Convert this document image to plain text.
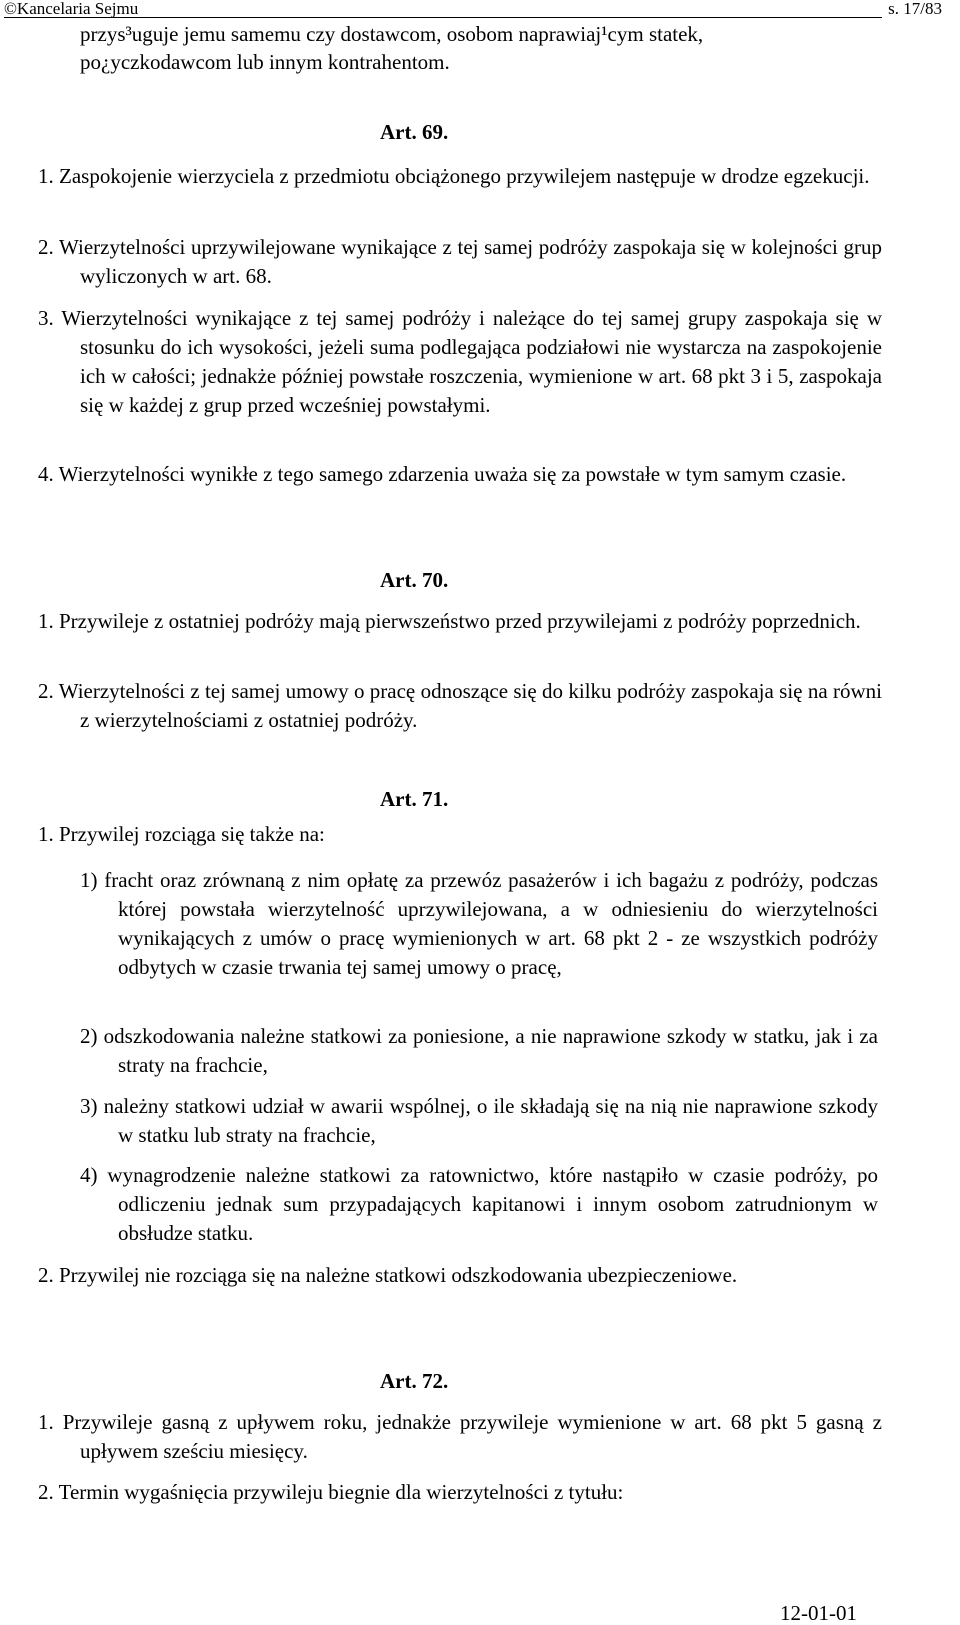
©Kancelaria Sejmu	s. 17/83

przys³uguje jemu samemu czy dostawcom, osobom naprawiaj¹cym statek,

po¿yczkodawcom lub innym kontrahentom.

Art. 69.

1. Zaspokojenie wierzyciela z przedmiotu obciążonego przywilejem następuje w drodze egzekucji.

2. Wierzytelności uprzywilejowane wynikające z tej samej podróży zaspokaja się w kolejności grup wyliczonych w art. 68.

3. Wierzytelności wynikające z tej samej podróży i należące do tej samej grupy zaspokaja się w stosunku do ich wysokości, jeżeli suma podlegająca podziałowi nie wystarcza na zaspokojenie ich w całości; jednakże później powstałe roszczenia, wymienione w art. 68 pkt 3 i 5, zaspokaja się w każdej z grup przed wcześniej powstałymi.

4. Wierzytelności wynikłe z tego samego zdarzenia uważa się za powstałe w tym samym czasie.

Art. 70.

1. Przywileje z ostatniej podróży mają pierwszeństwo przed przywilejami z podróży poprzednich.

2. Wierzytelności z tej samej umowy o pracę odnoszące się do kilku podróży zaspokaja się na równi z wierzytelnościami z ostatniej podróży.

Art. 71.

1. Przywilej rozciąga się także na:

1) fracht oraz zrównaną z nim opłatę za przewóz pasażerów i ich bagażu z podróży, podczas której powstała wierzytelność uprzywilejowana, a w odniesieniu do wierzytelności wynikających z umów o pracę wymienionych w art. 68 pkt 2 - ze wszystkich podróży odbytych w czasie trwania tej samej umowy o pracę,

2) odszkodowania należne statkowi za poniesione, a nie naprawione szkody w statku, jak i za straty na frachcie,

3) należny statkowi udział w awarii wspólnej, o ile składają się na nią nie naprawione szkody w statku lub straty na frachcie,

4) wynagrodzenie należne statkowi za ratownictwo, które nastąpiło w czasie podróży, po odliczeniu jednak sum przypadających kapitanowi i innym osobom zatrudnionym w obsłudze statku.

2. Przywilej nie rozciąga się na należne statkowi odszkodowania ubezpieczeniowe.

Art. 72.

1. Przywileje gasną z upływem roku, jednakże przywileje wymienione w art. 68 pkt 5 gasną z upływem sześciu miesięcy.

2. Termin wygaśnięcia przywileju biegnie dla wierzytelności z tytułu:

12-01-01
